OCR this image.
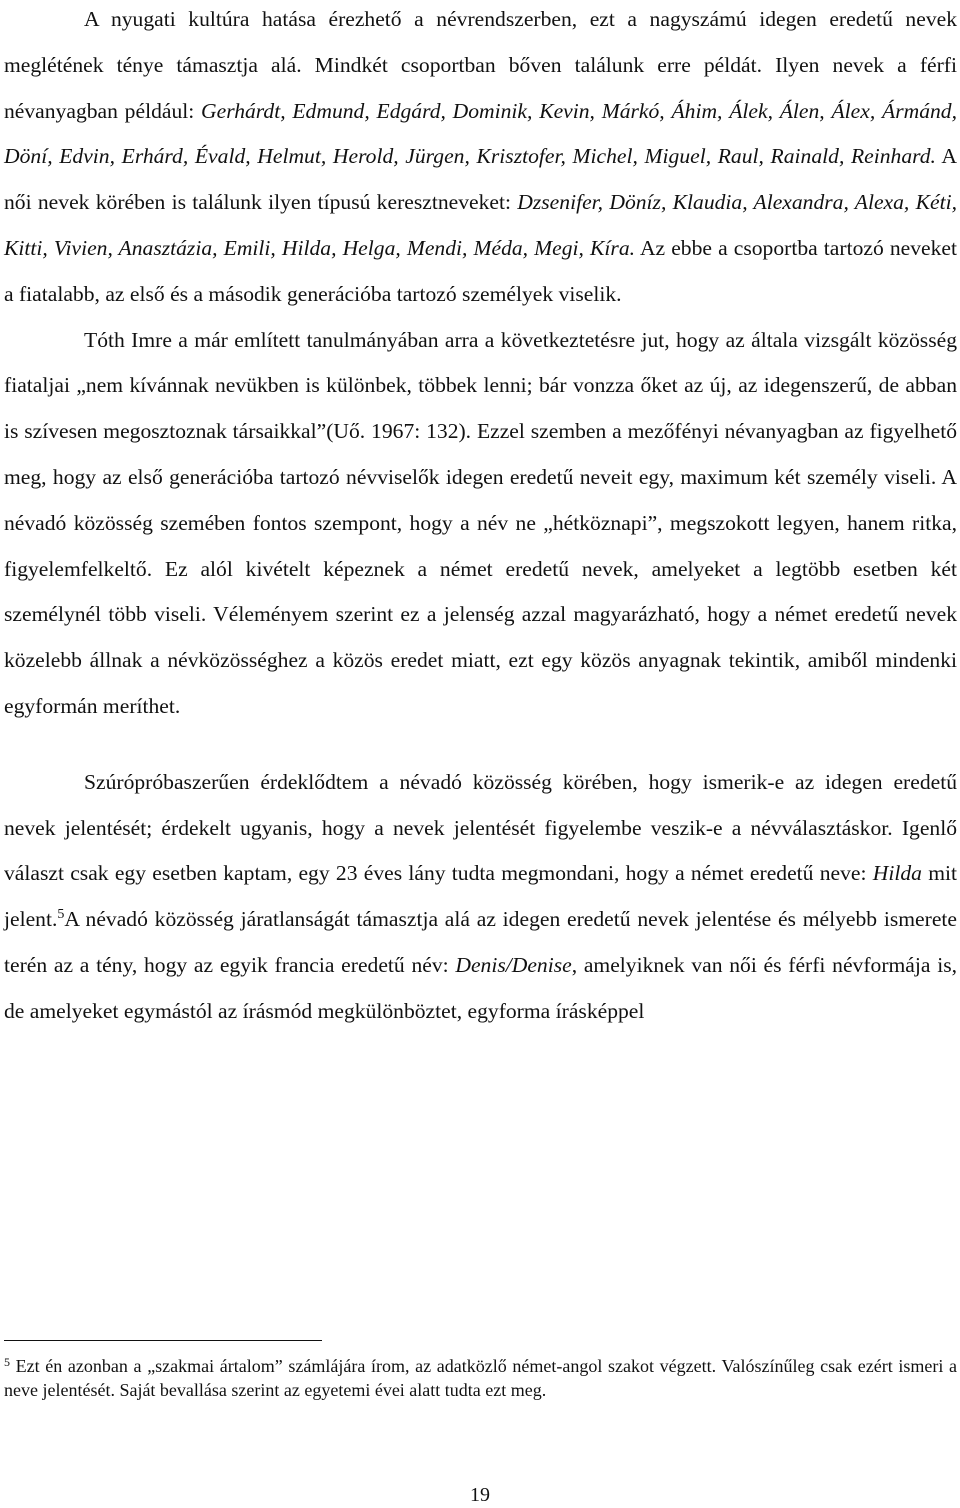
A nyugati kultúra hatása érezhető a névrendszerben, ezt a nagyszámú idegen eredetű nevek meglétének ténye támasztja alá. Mindkét csoportban bőven találunk erre példát. Ilyen nevek a férfi névanyagban például: Gerhárdt, Edmund, Edgárd, Dominik, Kevin, Márkó, Áhim, Álek, Álen, Álex, Ármánd, Döní, Edvin, Erhárd, Évald, Helmut, Herold, Jürgen, Krisztofer, Michel, Miguel, Raul, Rainald, Reinhard. A női nevek körében is találunk ilyen típusú keresztneveket: Dzsenifer, Döníz, Klaudia, Alexandra, Alexa, Kéti, Kitti, Vivien, Anasztázia, Emili, Hilda, Helga, Mendi, Méda, Megi, Kíra. Az ebbe a csoportba tartozó neveket a fiatalabb, az első és a második generációba tartozó személyek viselik.

Tóth Imre a már említett tanulmányában arra a következtetésre jut, hogy az általa vizsgált közösség fiataljai „nem kívánnak nevükben is különbek, többek lenni; bár vonzza őket az új, az idegenszerű, de abban is szívesen megosztoznak társaikkal”(Uő. 1967: 132). Ezzel szemben a mezőfényi névanyagban az figyelhető meg, hogy az első generációba tartozó névviselők idegen eredetű neveit egy, maximum két személy viseli. A névadó közösség szemében fontos szempont, hogy a név ne „hétköznapi”, megszokott legyen, hanem ritka, figyelemfelkeltő. Ez alól kivételt képeznek a német eredetű nevek, amelyeket a legtöbb esetben két személynél több viseli. Véleményem szerint ez a jelenség azzal magyarázható, hogy a német eredetű nevek közelebb állnak a névközösséghez a közös eredet miatt, ezt egy közös anyagnak tekintik, amiből mindenki egyformán meríthet.

Szúrópróbaszerűen érdeklődtem a névadó közösség körében, hogy ismerik-e az idegen eredetű nevek jelentését; érdekelt ugyanis, hogy a nevek jelentését figyelembe veszik-e a névválasztáskor. Igenlő választ csak egy esetben kaptam, egy 23 éves lány tudta megmondani, hogy a német eredetű neve: Hilda mit jelent.$^5$A névadó közösség járatlanságát támasztja alá az idegen eredetű nevek jelentése és mélyebb ismerete terén az a tény, hogy az egyik francia eredetű név: Denis/Denise, amelyiknek van női és férfi névformája is, de amelyeket egymástól az írásmód megkülönböztet, egyforma írásképpel

$^5$ Ezt én azonban a „szakmai ártalom” számlájára írom, az adatközlő német-angol szakot végzett. Valószínűleg csak ezért ismeri a neve jelentését. Saját bevallása szerint az egyetemi évei alatt tudta ezt meg.

19
